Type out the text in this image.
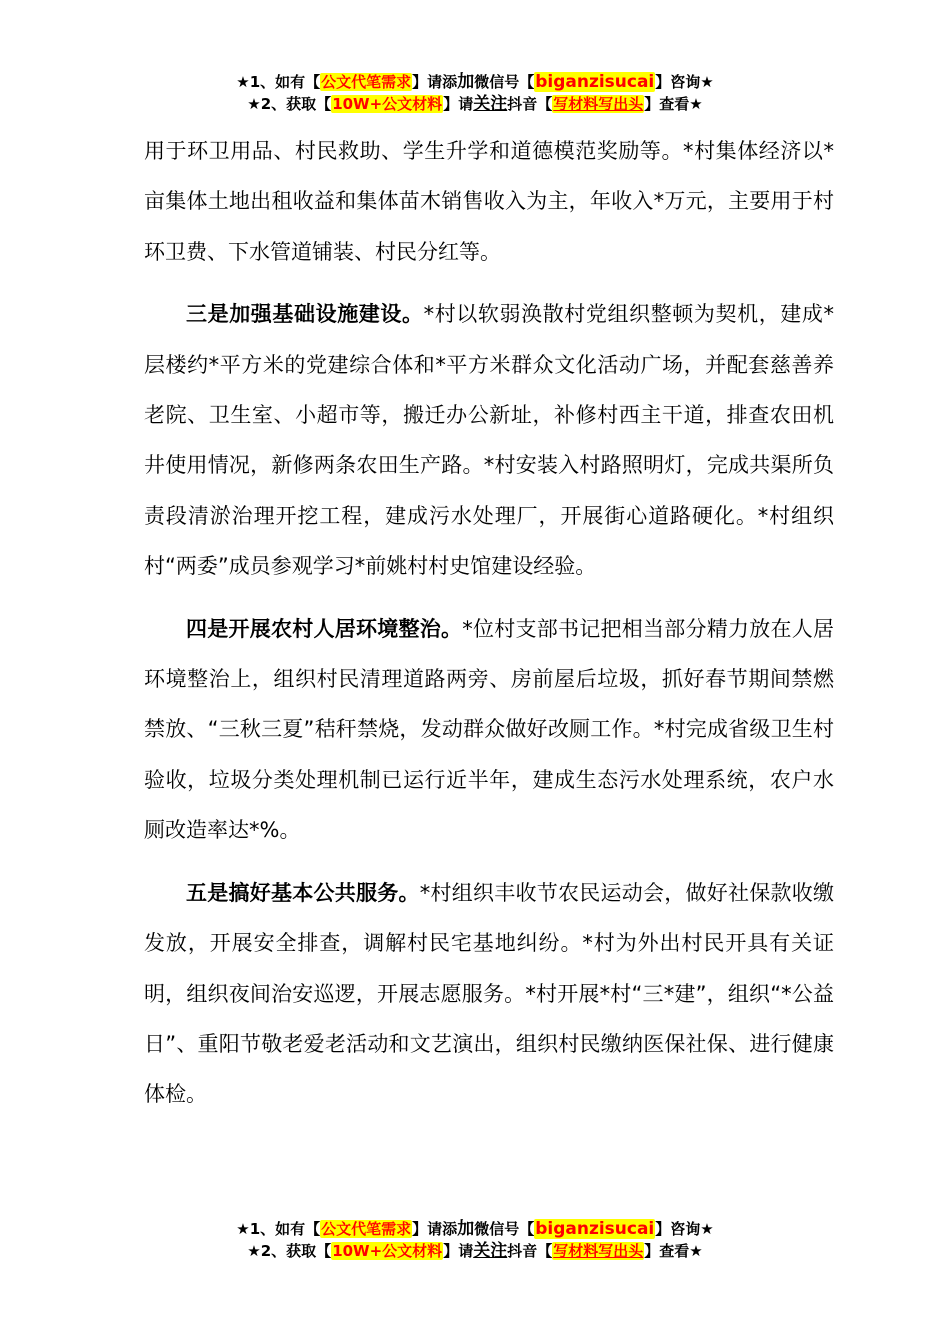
★1、如有【公文代笔需求】请添加微信号【biganzisucai】咨询★
★2、获取【10W+公文材料】请关注抖音【写材料写出头】查看★

用于环卫用品、村民救助、学生升学和道德模范奖励等。*村集体经济以*亩集体土地出租收益和集体苗木销售收入为主，年收入*万元，主要用于村环卫费、下水管道铺装、村民分红等。

三是加强基础设施建设。*村以软弱涣散村党组织整顿为契机，建成*层楼约*平方米的党建综合体和*平方米群众文化活动广场，并配套慈善养老院、卫生室、小超市等，搬迁办公新址，补修村西主干道，排查农田机井使用情况，新修两条农田生产路。*村安装入村路照明灯，完成共渠所负责段清淤治理开挖工程，建成污水处理厂，开展街心道路硬化。*村组织村“两委”成员参观学习*前姚村村史馆建设经验。

四是开展农村人居环境整治。*位村支部书记把相当部分精力放在人居环境整治上，组织村民清理道路两旁、房前屋后垃圾，抓好春节期间禁燃禁放、“三秋三夏”秸秆禁烧，发动群众做好改厕工作。*村完成省级卫生村验收，垃圾分类处理机制已运行近半年，建成生态污水处理系统，农户水厕改造率达*%。

五是搞好基本公共服务。*村组织丰收节农民运动会，做好社保款收缴发放，开展安全排查，调解村民宅基地纠纷。*村为外出村民开具有关证明，组织夜间治安巡逻，开展志愿服务。*村开展*村“三*建”，组织“*公益日”、重阳节敬老爱老活动和文艺演出，组织村民缴纳医保社保、进行健康体检。

★1、如有【公文代笔需求】请添加微信号【biganzisucai】咨询★
★2、获取【10W+公文材料】请关注抖音【写材料写出头】查看★
